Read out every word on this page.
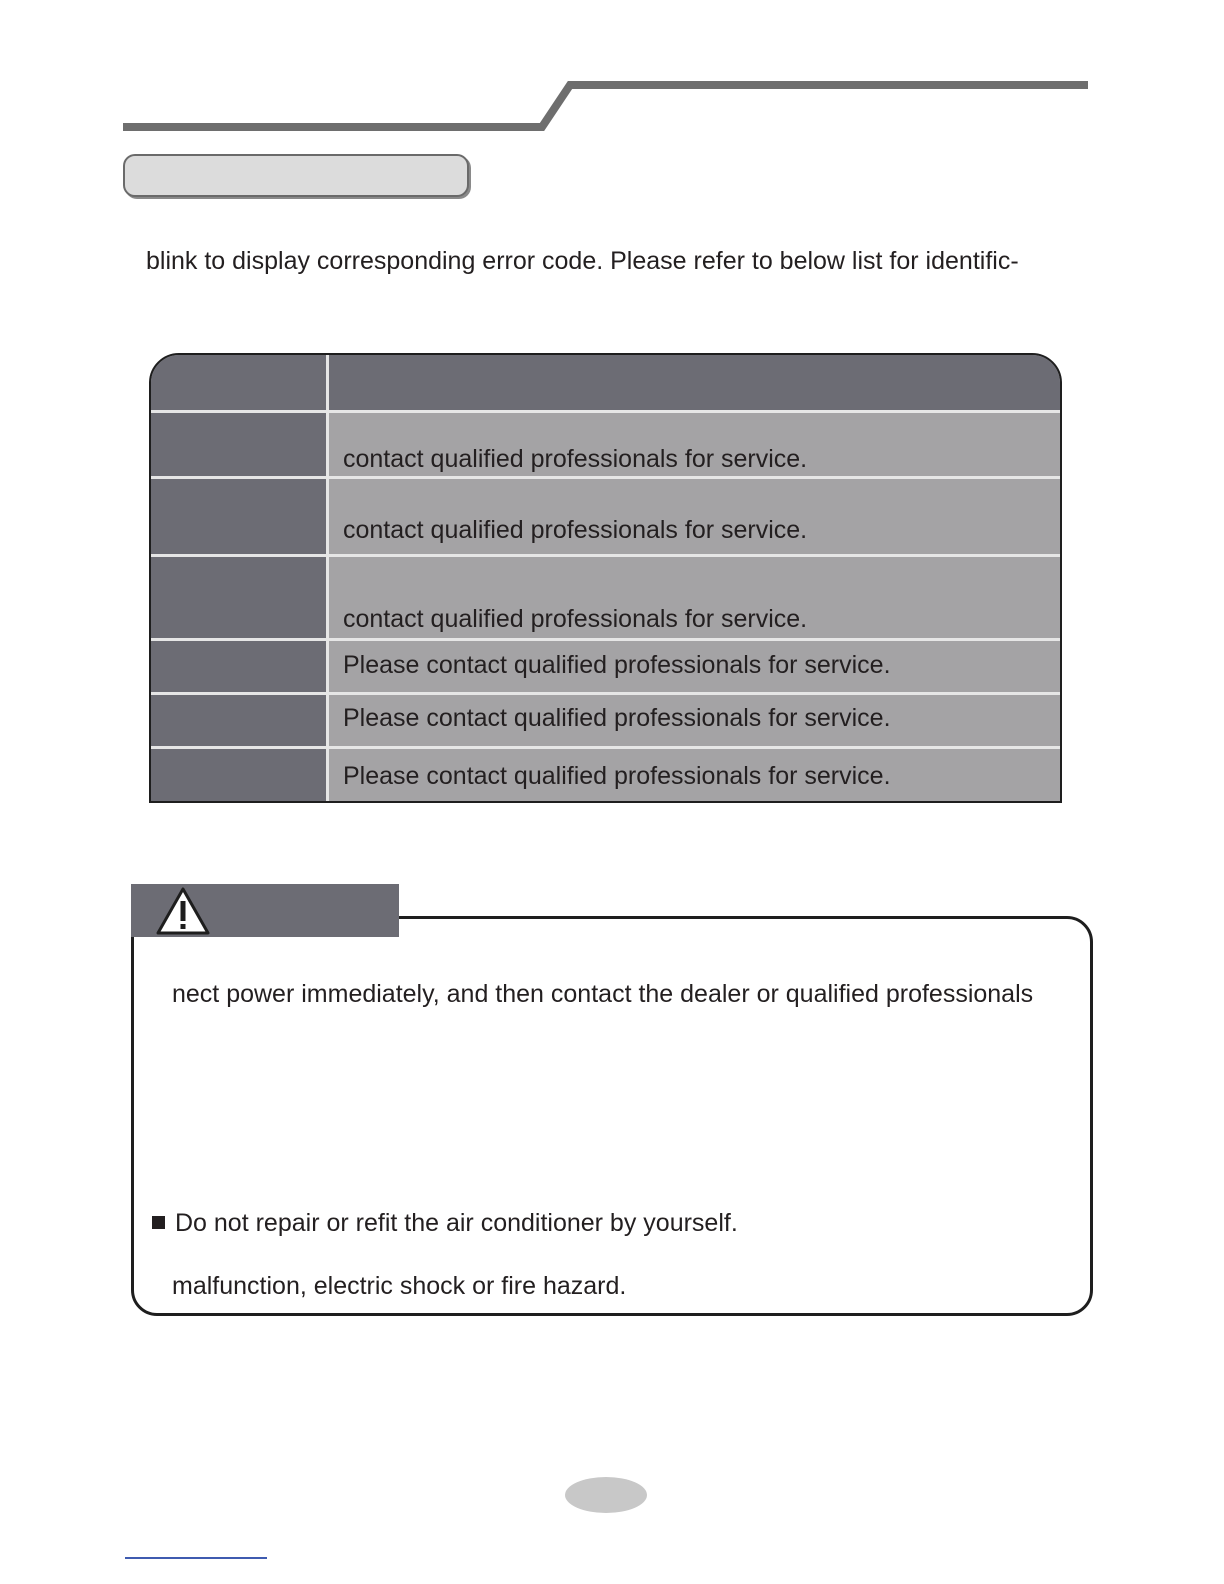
blink to display corresponding error code. Please refer to below list for identific-
contact qualified professionals for service.
contact qualified professionals for service.
contact qualified professionals for service.
Please contact qualified professionals for service.
Please contact qualified professionals for service.
Please contact qualified professionals for service.
nect power immediately, and then contact the dealer or qualified professionals
Do not repair or refit the air conditioner by yourself.
malfunction, electric shock or fire hazard.
